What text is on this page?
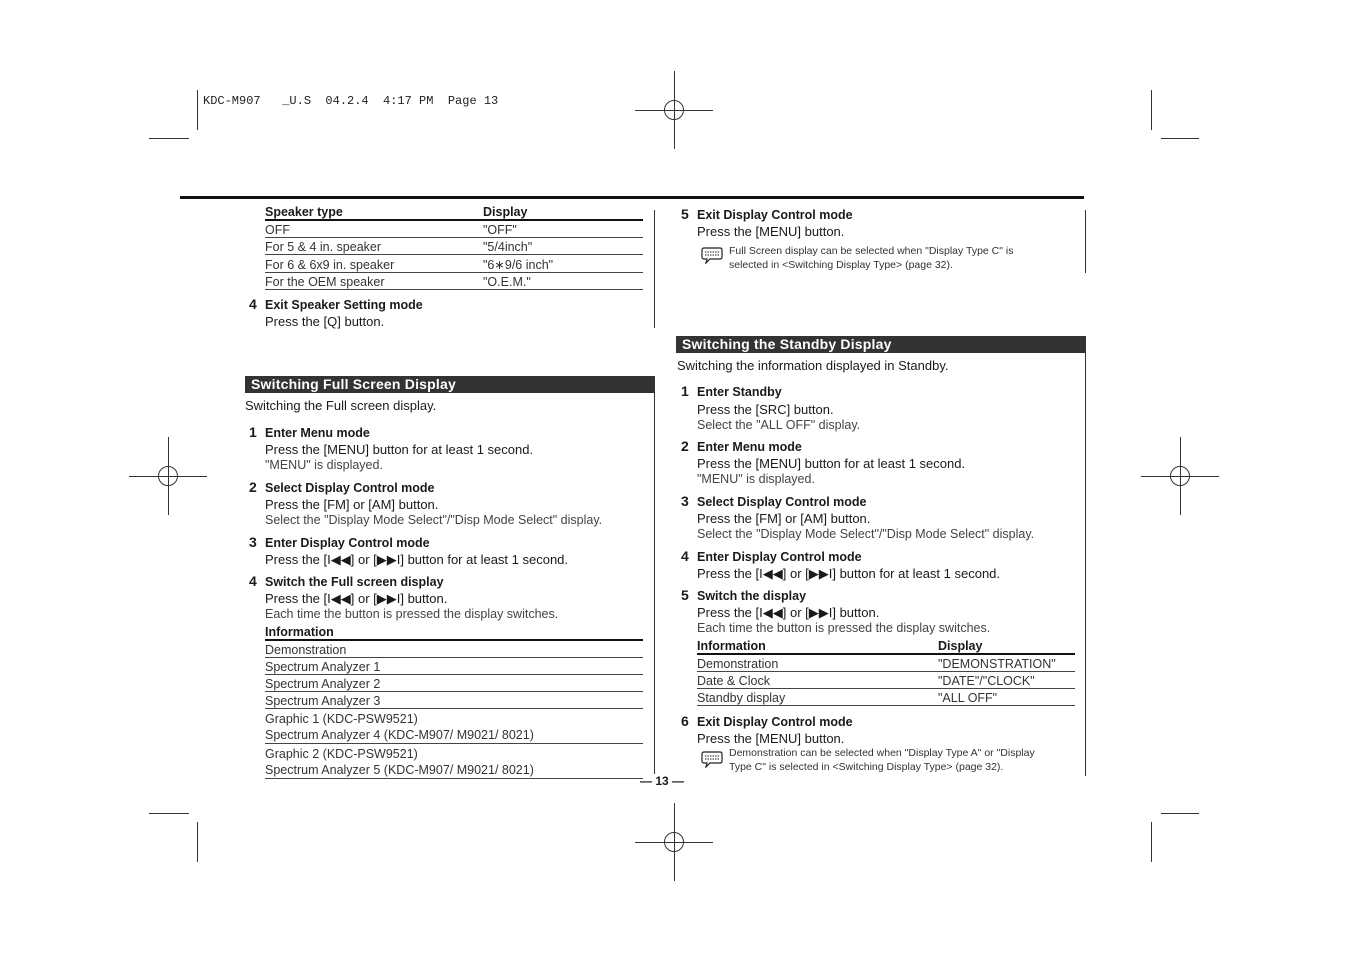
KDC-M907   _U.S  04.2.4  4:17 PM  Page 13
Speaker type	Display
OFF	"OFF"
For 5 & 4 in. speaker	"5/4inch"
For 6 & 6x9 in. speaker	"6∗9/6 inch"
For the OEM speaker	"O.E.M."
4 Exit Speaker Setting mode
Press the [Q] button.
Switching Full Screen Display
Switching the Full screen display.
1 Enter Menu mode
Press the [MENU] button for at least 1 second.
"MENU" is displayed.
2 Select Display Control mode
Press the [FM] or [AM] button.
Select the "Display Mode Select"/"Disp Mode Select" display.
3 Enter Display Control mode
Press the [I◀◀] or [▶▶I] button for at least 1 second.
4 Switch the Full screen display
Press the [I◀◀] or [▶▶I] button.
Each time the button is pressed the display switches.
Information
Demonstration
Spectrum Analyzer 1
Spectrum Analyzer 2
Spectrum Analyzer 3

Graphic 1 (KDC-PSW9521)
Spectrum Analyzer 4 (KDC-M907/ M9021/ 8021)

Graphic 2 (KDC-PSW9521)
Spectrum Analyzer 5 (KDC-M907/ M9021/ 8021)
5 Exit Display Control mode
Press the [MENU] button.
Full Screen display can be selected when "Display Type C" is
selected in <Switching Display Type> (page 32).
Switching the Standby Display
Switching the information displayed in Standby.
1 Enter Standby
Press the [SRC] button.
Select the "ALL OFF" display.
2 Enter Menu mode
Press the [MENU] button for at least 1 second.
"MENU" is displayed.
3 Select Display Control mode
Press the [FM] or [AM] button.
Select the "Display Mode Select"/"Disp Mode Select" display.
4 Enter Display Control mode
Press the [I◀◀] or [▶▶I] button for at least 1 second.
5 Switch the display
Press the [I◀◀] or [▶▶I] button.
Each time the button is pressed the display switches.
Information	Display
Demonstration	"DEMONSTRATION"
Date & Clock	"DATE"/"CLOCK"
Standby display	"ALL OFF"
6 Exit Display Control mode
Press the [MENU] button.
Demonstration can be selected when "Display Type A" or "Display
Type C" is selected in <Switching Display Type> (page 32).
— 13 —
